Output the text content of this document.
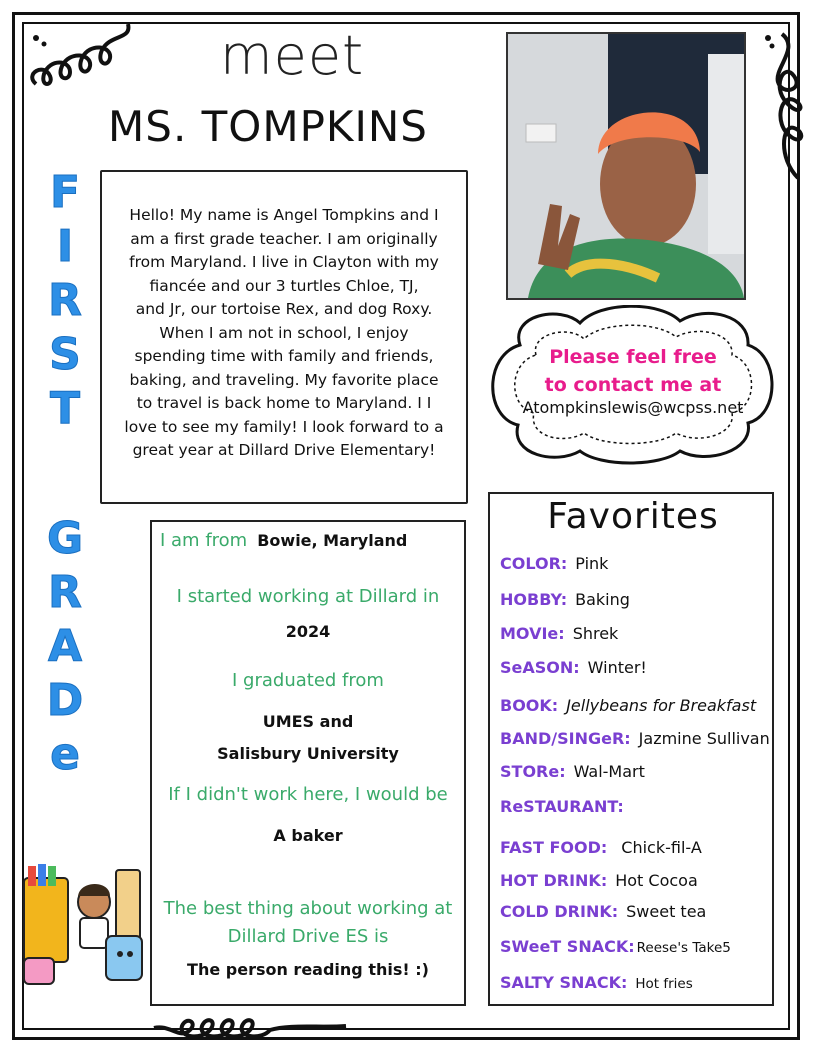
meet
MS. TOMPKINS
F
I
R
S
T
G
R
A
D
e
Hello! My name is Angel Tompkins and I
am a first grade teacher. I am originally
from Maryland. I live in Clayton with my
fiancée and our 3 turtles Chloe, TJ,
and Jr, our tortoise Rex, and dog Roxy.
When I am not in school, I enjoy
spending time with family and friends,
baking, and traveling. My favorite place
to travel is back home to Maryland. I I
love to see my family! I look forward to a
great year at Dillard Drive Elementary!
Please feel free
to contact me at
Atompkinslewis@wcpss.net
I am from Bowie, Maryland
I started working at Dillard in
2024
I graduated from
UMES and
Salisbury University
If I didn't work here, I would be
A baker
The best thing about working at
Dillard Drive ES is
The person reading this! :)
Favorites
COLOR: Pink
HOBBY: Baking
MOVIe: Shrek
SeASON: Winter!
BOOK: Jellybeans for Breakfast
BAND/SINGeR: Jazmine Sullivan
STORe: Wal-Mart
ReSTAURANT:
FAST FOOD: Chick-fil-A
HOT DRINK: Hot Cocoa
COLD DRINK: Sweet tea
SWeeT SNACK: Reese's Take5
SALTY SNACK: Hot fries
